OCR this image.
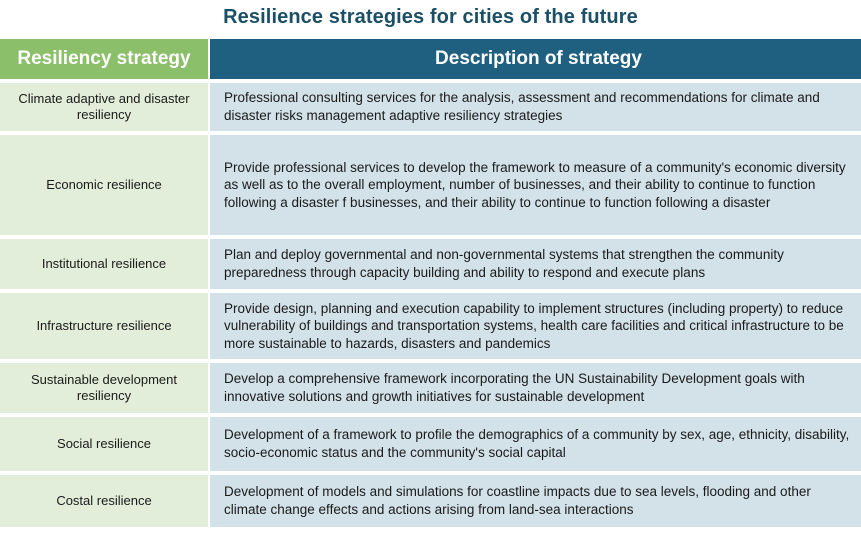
Resilience strategies for cities of the future
Resiliency strategy	Description of strategy
Climate adaptive and disaster resiliency	Professional consulting services for the analysis, assessment and recommendations for climate and disaster risks management adaptive resiliency strategies
Economic resilience	Provide professional services to develop the framework to measure of a community's economic diversity as well as to the overall employment, number of businesses, and their ability to continue to function following a disaster f businesses, and their ability to continue to function following a disaster
Institutional resilience	Plan and deploy governmental and non-governmental systems that strengthen the community preparedness through capacity building and ability to respond and execute plans
Infrastructure resilience	Provide design, planning and execution capability to implement structures (including property) to reduce vulnerability of buildings and transportation systems, health care facilities and critical infrastructure to be more sustainable to hazards, disasters and pandemics
Sustainable development resiliency	Develop a comprehensive framework incorporating the UN Sustainability Development goals with innovative solutions and growth initiatives for sustainable development
Social resilience	Development of a framework to profile the demographics of a community by sex, age, ethnicity, disability, socio-economic status and the community's social capital
Costal resilience	Development of models and simulations for coastline impacts due to sea levels, flooding and other climate change effects and actions arising from land-sea interactions
